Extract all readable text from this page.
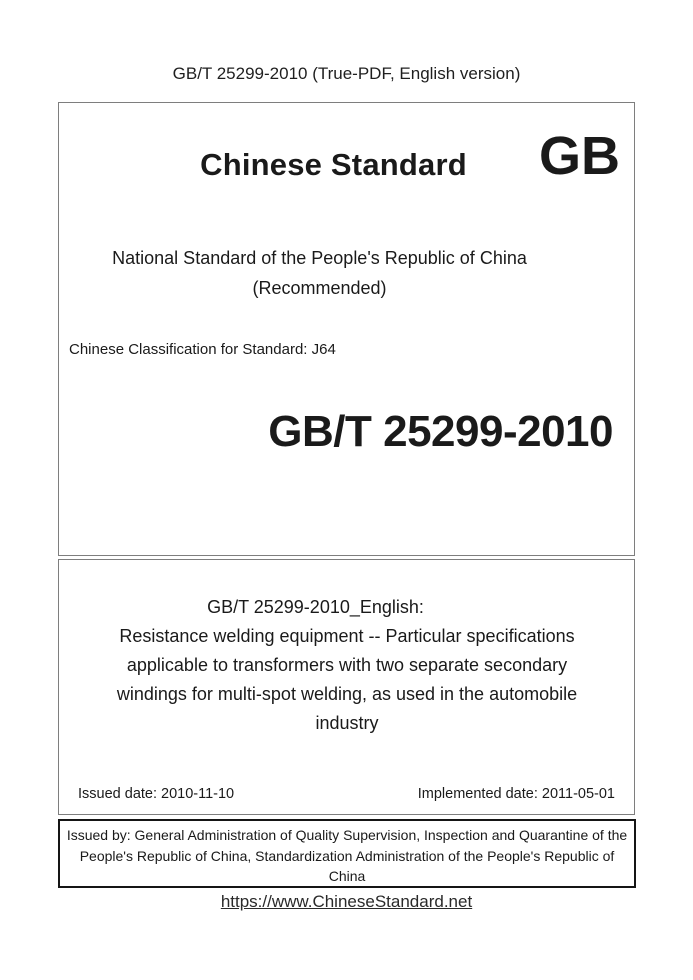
GB/T 25299-2010 (True-PDF, English version)
Chinese Standard	GB
National Standard of the People's Republic of China
(Recommended)
Chinese Classification for Standard: J64
GB/T 25299-2010
GB/T 25299-2010_English:
Resistance welding equipment -- Particular specifications applicable to transformers with two separate secondary windings for multi-spot welding, as used in the automobile industry
Issued date: 2010-11-10	Implemented date: 2011-05-01
Issued by: General Administration of Quality Supervision, Inspection and Quarantine of the People's Republic of China, Standardization Administration of the People's Republic of China
https://www.ChineseStandard.net
